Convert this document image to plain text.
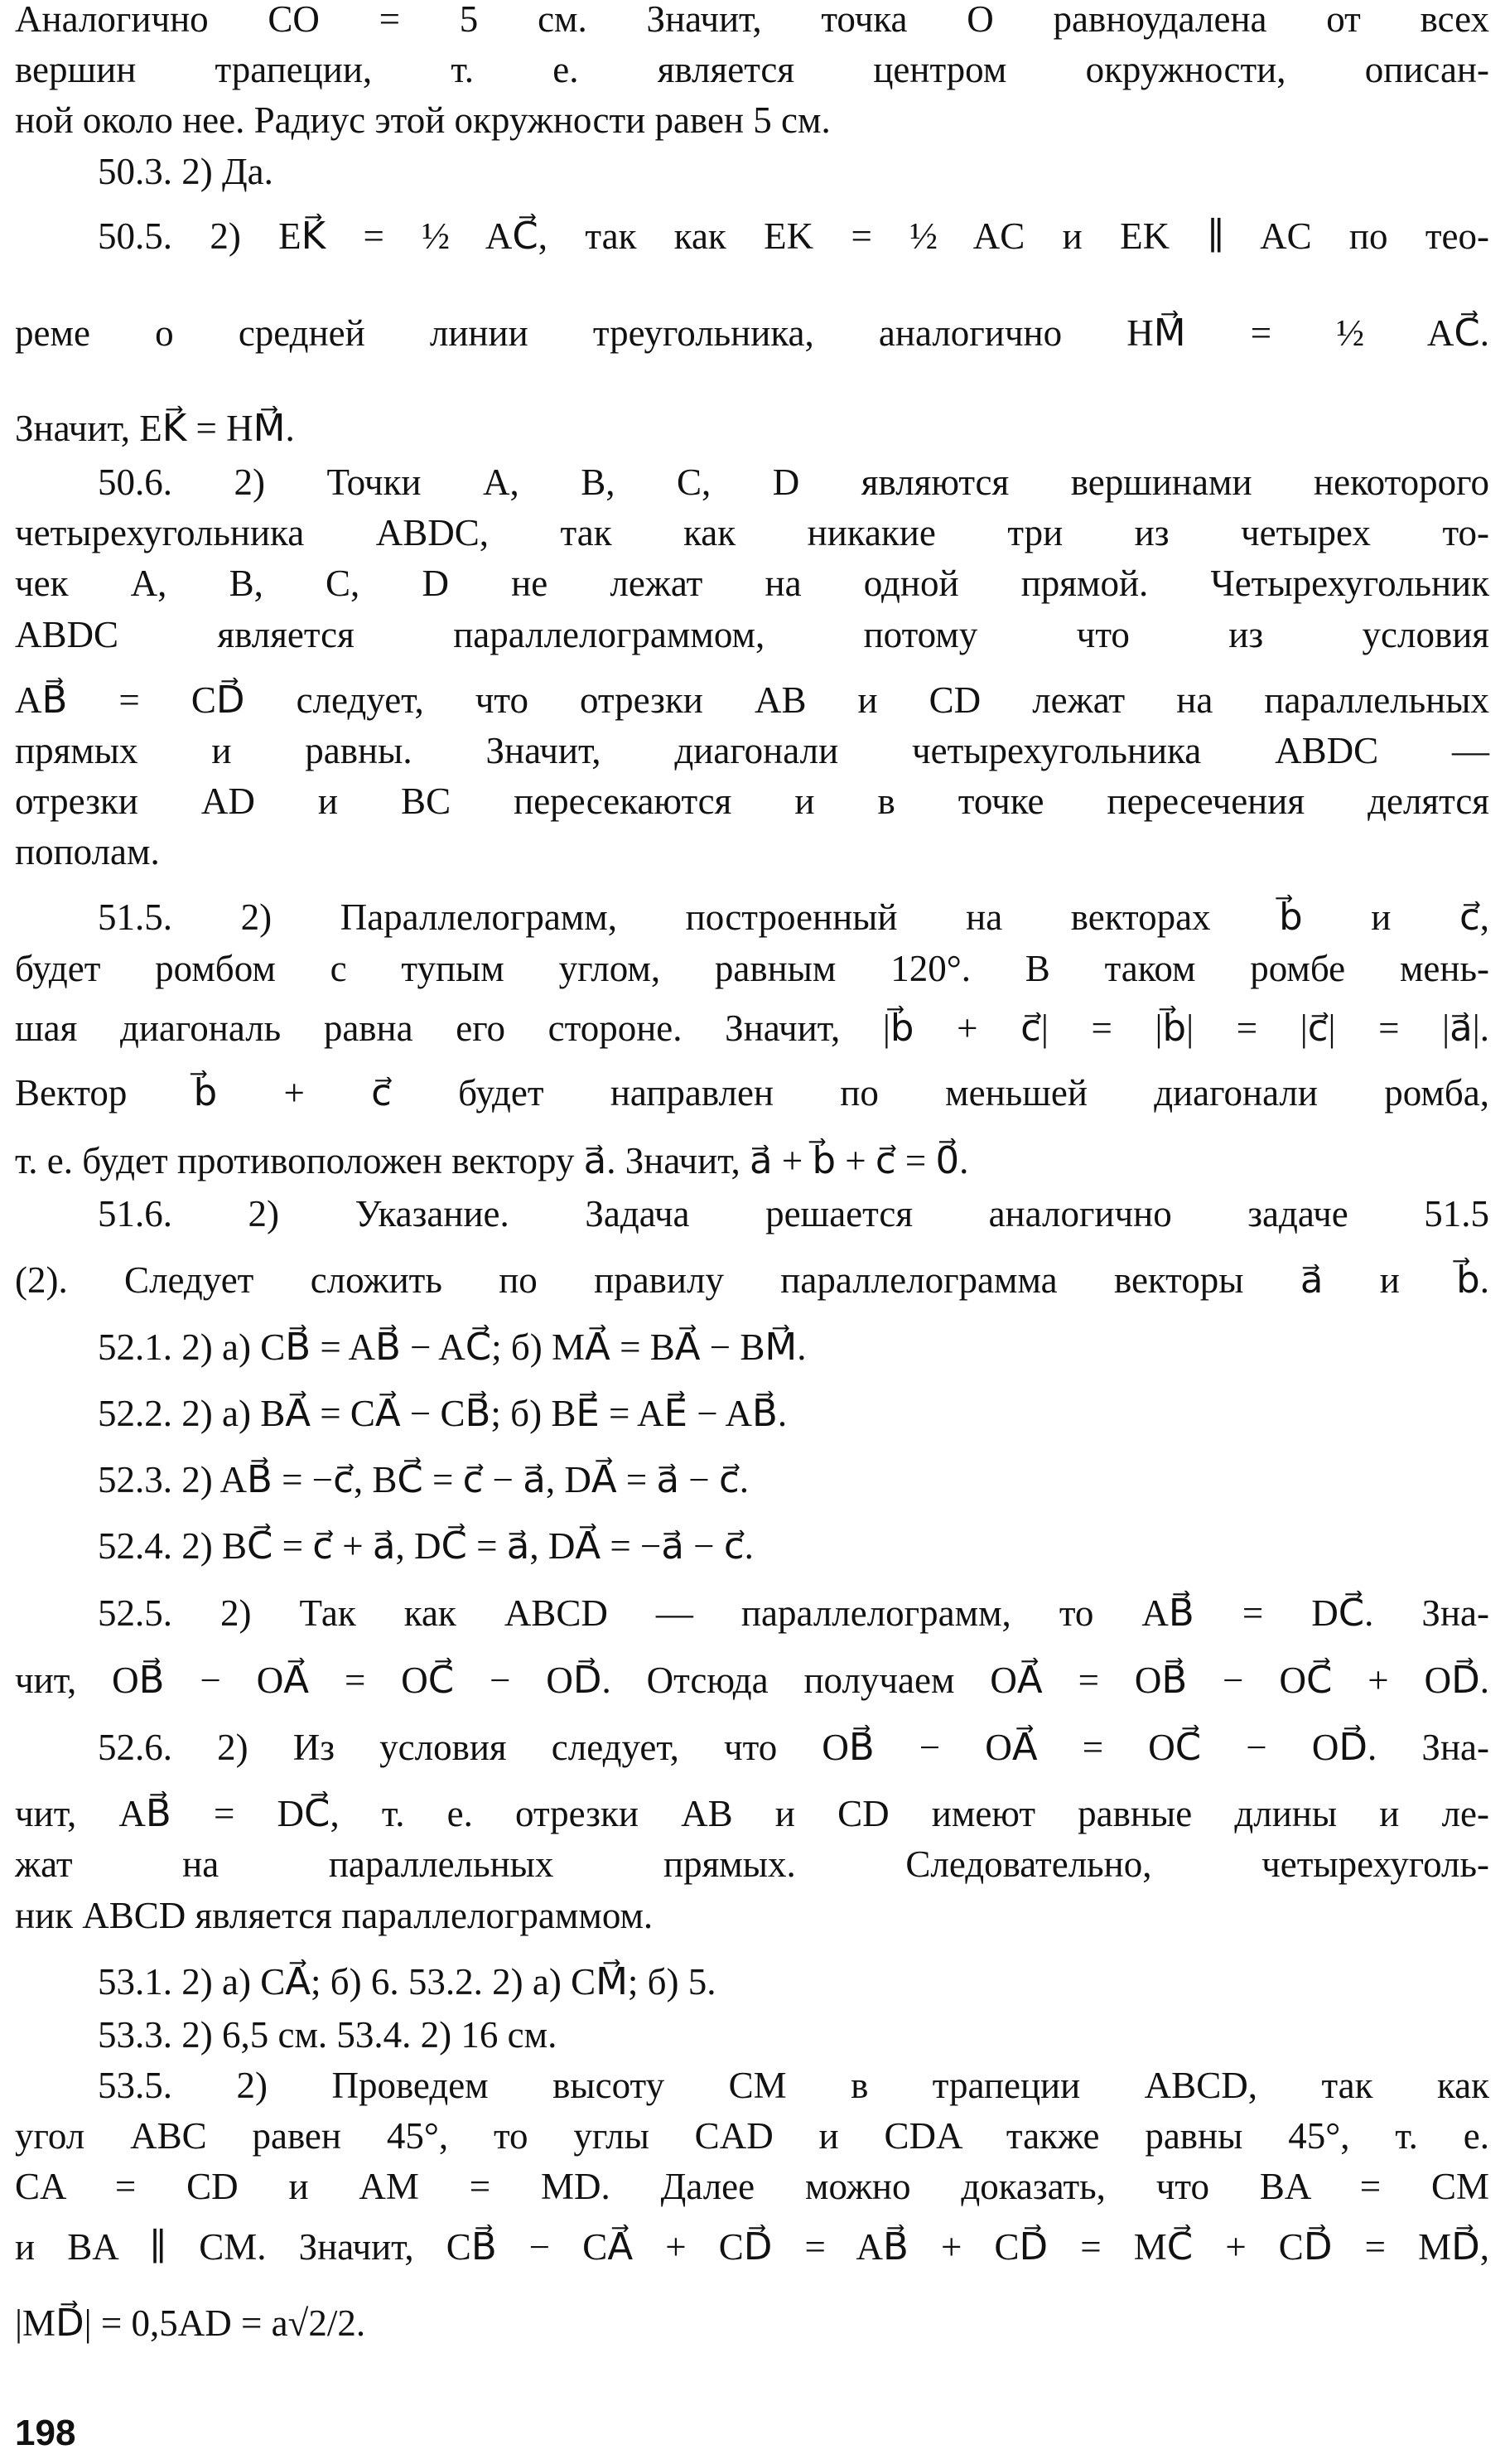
Аналогично CO = 5 см. Значит, точка O равноудалена от всех
вершин трапеции, т. е. является центром окружности, описан-
ной около нее. Радиус этой окружности равен 5 см.
50.3. 2) Да.
50.5. 2) EK⃗ = ½ AC⃗, так как EK = ½ AC и EK ∥ AC по тео-
реме о средней линии треугольника, аналогично HM⃗ = ½ AC⃗.
Значит, EK⃗ = HM⃗.
50.6. 2) Точки A, B, C, D являются вершинами некоторого
четырехугольника ABDC, так как никакие три из четырех то-
чек A, B, C, D не лежат на одной прямой. Четырехугольник
ABDC является параллелограммом, потому что из условия
AB⃗ = CD⃗ следует, что отрезки AB и CD лежат на параллельных
прямых и равны. Значит, диагонали четырехугольника ABDC —
отрезки AD и BC пересекаются и в точке пересечения делятся
пополам.
51.5. 2) Параллелограмм, построенный на векторах b⃗ и c⃗,
будет ромбом с тупым углом, равным 120°. В таком ромбе мень-
шая диагональ равна его стороне. Значит, |b⃗ + c⃗| = |b⃗| = |c⃗| = |a⃗|.
Вектор b⃗ + c⃗ будет направлен по меньшей диагонали ромба,
т. е. будет противоположен вектору a⃗. Значит, a⃗ + b⃗ + c⃗ = 0⃗.
51.6. 2) Указание. Задача решается аналогично задаче 51.5
(2). Следует сложить по правилу параллелограмма векторы a⃗ и b⃗.
52.1. 2) а) CB⃗ = AB⃗ − AC⃗; б) MA⃗ = BA⃗ − BM⃗.
52.2. 2) а) BA⃗ = CA⃗ − CB⃗; б) BE⃗ = AE⃗ − AB⃗.
52.3. 2) AB⃗ = −c⃗, BC⃗ = c⃗ − a⃗, DA⃗ = a⃗ − c⃗.
52.4. 2) BC⃗ = c⃗ + a⃗, DC⃗ = a⃗, DA⃗ = −a⃗ − c⃗.
52.5. 2) Так как ABCD — параллелограмм, то AB⃗ = DC⃗. Зна-
чит, OB⃗ − OA⃗ = OC⃗ − OD⃗. Отсюда получаем OA⃗ = OB⃗ − OC⃗ + OD⃗.
52.6. 2) Из условия следует, что OB⃗ − OA⃗ = OC⃗ − OD⃗. Зна-
чит, AB⃗ = DC⃗, т. е. отрезки AB и CD имеют равные длины и ле-
жат на параллельных прямых. Следовательно, четырехуголь-
ник ABCD является параллелограммом.
53.1. 2) а) CA⃗; б) 6. 53.2. 2) а) CM⃗; б) 5.
53.3. 2) 6,5 см. 53.4. 2) 16 см.
53.5. 2) Проведем высоту CM в трапеции ABCD, так как
угол ABC равен 45°, то углы CAD и CDA также равны 45°, т. е.
CA = CD и AM = MD. Далее можно доказать, что BA = CM
и BA ∥ CM. Значит, CB⃗ − CA⃗ + CD⃗ = AB⃗ + CD⃗ = MC⃗ + CD⃗ = MD⃗,
|MD⃗| = 0,5AD = a√2/2.
198
